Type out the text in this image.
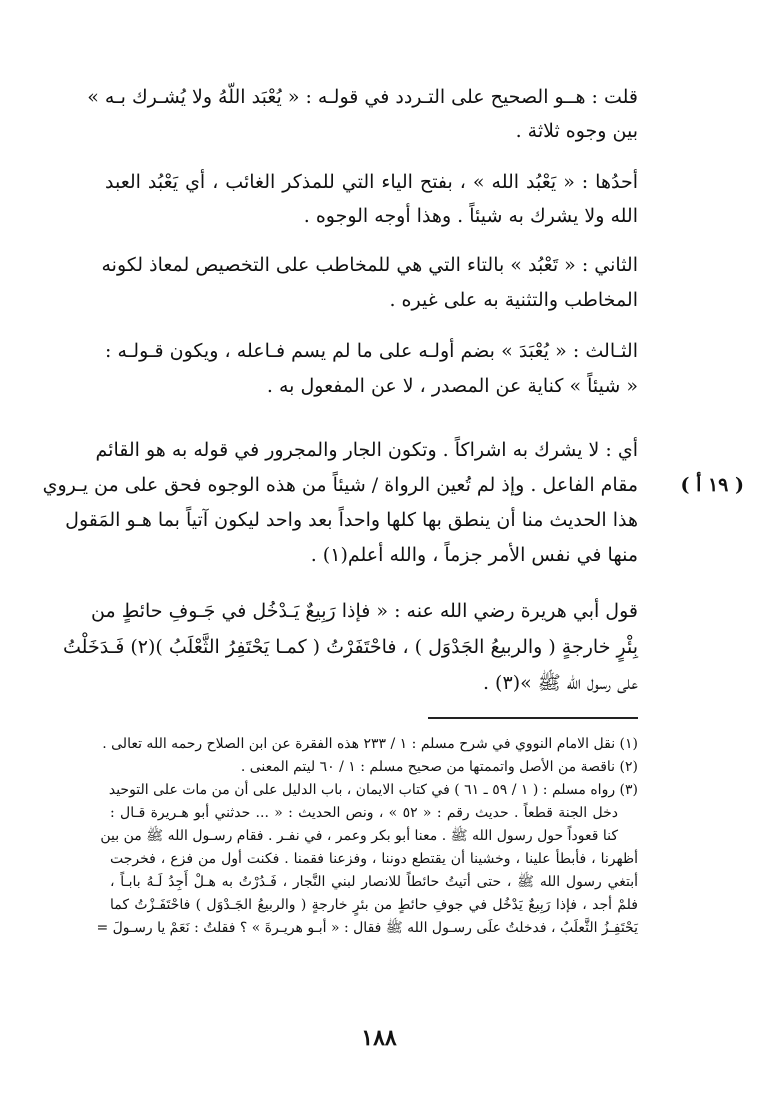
قلت : هــو الصحيح على التـردد في قولـه : « يُعْبَد اللّهُ ولا يُشـرك بـه »
بين وجوه ثلاثة .
أحدُها : « يَعْبُد الله » ، بفتح الياء التي للمذكر الغائب ، أي يَعْبُد العبد
الله ولا يشرك به شيئاً . وهذا أوجه الوجوه .
الثاني : « تَعْبُد » بالتاء التي هي للمخاطب على التخصيص لمعاذ لكونه
المخاطب والتثنية به على غيره .
الثـالث : « يُعْبَدَ » بضم أولـه على ما لم يسم فـاعله ، ويكون قـولـه :
« شيئاً » كناية عن المصدر ، لا عن المفعول به .
أي : لا يشرك به اشراكاً . وتكون الجار والمجرور في قوله به هو القائم
مقام الفاعل . وإذ لم تُعين الرواة / شيئاً من هذه الوجوه فحق على من يـروي
هذا الحديث منا أن ينطق بها كلها واحداً بعد واحد ليكون آتياً بما هـو المَقول
منها في نفس الأمر جزماً ، والله أعلم(١) .
قول أبي هريرة رضي الله عنه : « فإذا رَبِيعٌ يَـدْخُل في جَـوفِ حائطٍ من
بِئْرٍ خارجةٍ ( والربيعُ الجَدْوَل ) ، فاحْتَفَرْتُ ( كمـا يَحْتَفِرُ الثَّعْلَبُ )(٢) فَـدَخَلْتُ
على رسول الله ﷺ »(٣) .
( ١٩ أ )
(١) نقل الامام النووي في شرح مسلم : ١ / ٢٣٣ هذه الفقرة عن ابن الصلاح رحمه الله تعالى .
(٢) ناقصة من الأصل واتممتها من صحيح مسلم : ١ / ٦٠ ليتم المعنى .
(٣) رواه مسلم : ( ١ / ٥٩ ـ ٦١ ) في كتاب الايمان ، باب الدليل على أن من مات على التوحيد
دخل الجنة قطعاً . حديث رقم : « ٥٢ » ، ونص الحديث : « ... حدثني أبو هـريرة قـال :
كنا قعوداً حول رسول الله ﷺ . معنا أبو بكر وعمر ، في نفـر . فقام رسـول الله ﷺ من بين
أظهرنا ، فأبطأ علينا ، وخشينا أن يقتطع دوننا ، وفزعنا فقمنا . فكنت أول من فزع ، فخرجت
أبتغي رسول الله ﷺ ، حتى أتيتُ حائطاً للانصار لبني النَّجار ، فَـدُرْتُ به هـلْ أَجِدُ لَـهُ بابـاً ،
فلمْ أجد ، فإذا رَبِيعٌ يَدْخُل في جوفِ حائطٍ من بئرٍ خارجةٍ ( والربيعُ الجَـدْوَل ) فاحْتَفَـزْتُ كما
يَحْتَفِـزُ الثَّعلَبُ ، فدخلتُ علَى رسـول الله ﷺ فقال : « أبـو هريـرةَ » ؟ فقلتُ : نَعَمْ يا رسـولَ =
١٨٨
